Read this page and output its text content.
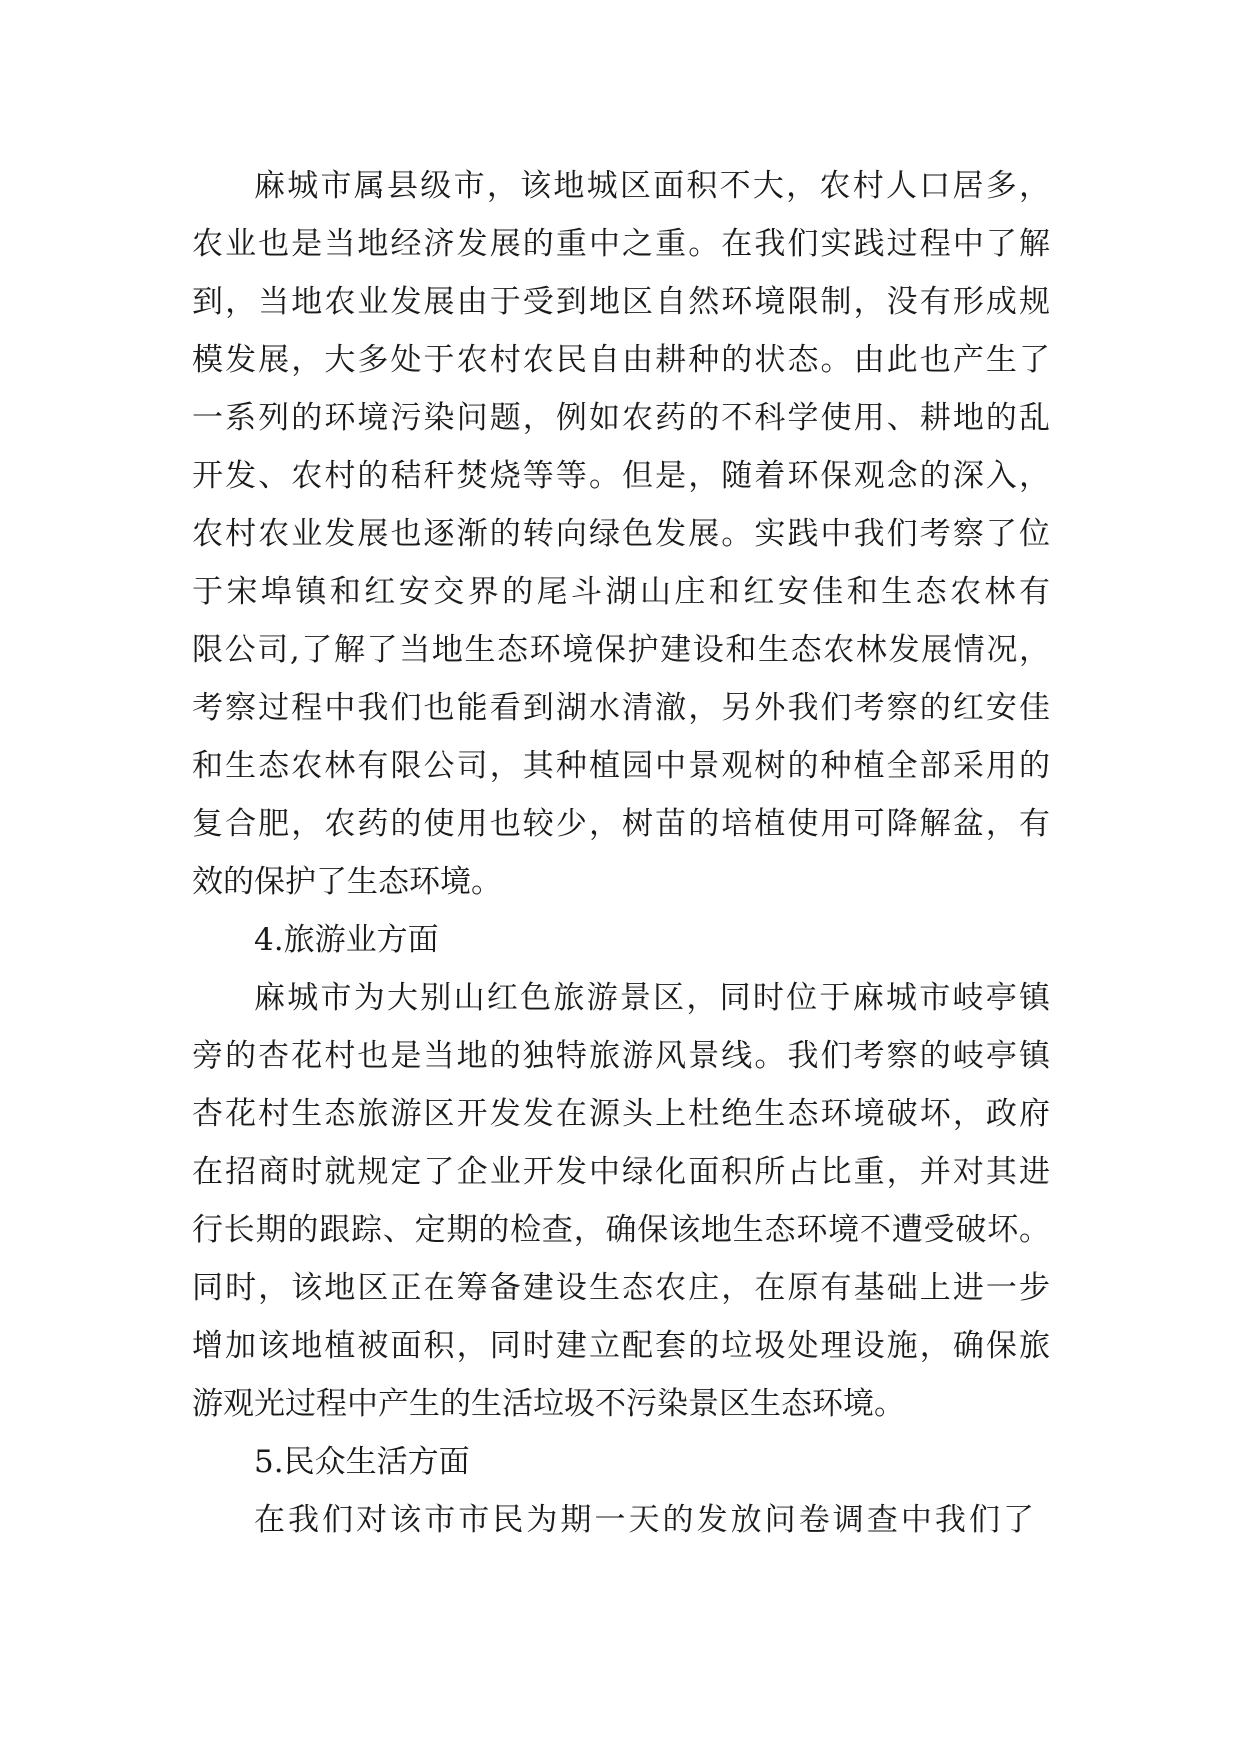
麻城市属县级市，该地城区面积不大，农村人口居多，

农业也是当地经济发展的重中之重。在我们实践过程中了解

到，当地农业发展由于受到地区自然环境限制，没有形成规

模发展，大多处于农村农民自由耕种的状态。由此也产生了

一系列的环境污染问题，例如农药的不科学使用、耕地的乱

开发、农村的秸秆焚烧等等。但是，随着环保观念的深入，

农村农业发展也逐渐的转向绿色发展。实践中我们考察了位

于宋埠镇和红安交界的尾斗湖山庄和红安佳和生态农林有

限公司,了解了当地生态环境保护建设和生态农林发展情况，

考察过程中我们也能看到湖水清澈，另外我们考察的红安佳

和生态农林有限公司，其种植园中景观树的种植全部采用的

复合肥，农药的使用也较少，树苗的培植使用可降解盆，有

效的保护了生态环境。

4.旅游业方面

麻城市为大别山红色旅游景区，同时位于麻城市岐亭镇

旁的杏花村也是当地的独特旅游风景线。我们考察的岐亭镇

杏花村生态旅游区开发发在源头上杜绝生态环境破坏，政府

在招商时就规定了企业开发中绿化面积所占比重，并对其进

行长期的跟踪、定期的检查，确保该地生态环境不遭受破坏。

同时，该地区正在筹备建设生态农庄，在原有基础上进一步

增加该地植被面积，同时建立配套的垃圾处理设施，确保旅

游观光过程中产生的生活垃圾不污染景区生态环境。

5.民众生活方面

在我们对该市市民为期一天的发放问卷调查中我们了
